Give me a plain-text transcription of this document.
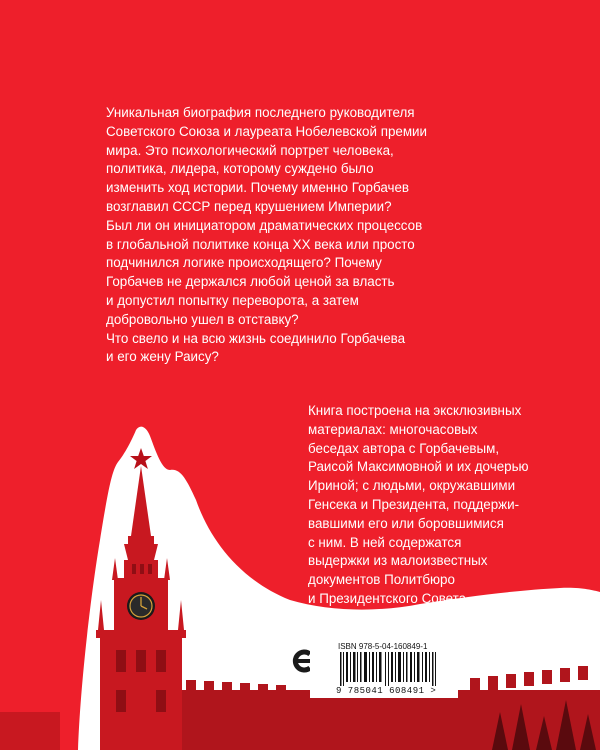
Уникальная биография последнего руководителя
Советского Союза и лауреата Нобелевской премии
мира. Это психологический портрет человека,
политика, лидера, которому суждено было
изменить ход истории. Почему именно Горбачев
возглавил СССР перед крушением Империи?
Был ли он инициатором драматических процессов
в глобальной политике конца XX века или просто
подчинился логике происходящего? Почему
Горбачев не держался любой ценой за власть
и допустил попытку переворота, а затем
добровольно ушел в отставку?
Что свело и на всю жизнь соединило Горбачева
и его жену Раису?
Книга построена на эксклюзивных
материалах: многочасовых
беседах автора с Горбачевым,
Раисой Максимовной и их дочерью
Ириной; с людьми, окружавшими
Генсека и Президента, поддержи-
вавшими его или боровшимися
с ним. В ней содержатся
выдержки из малоизвестных
документов Политбюро
и Президентского Совета.
ISBN 978-5-04-160849-1
9 785041 608491 >
